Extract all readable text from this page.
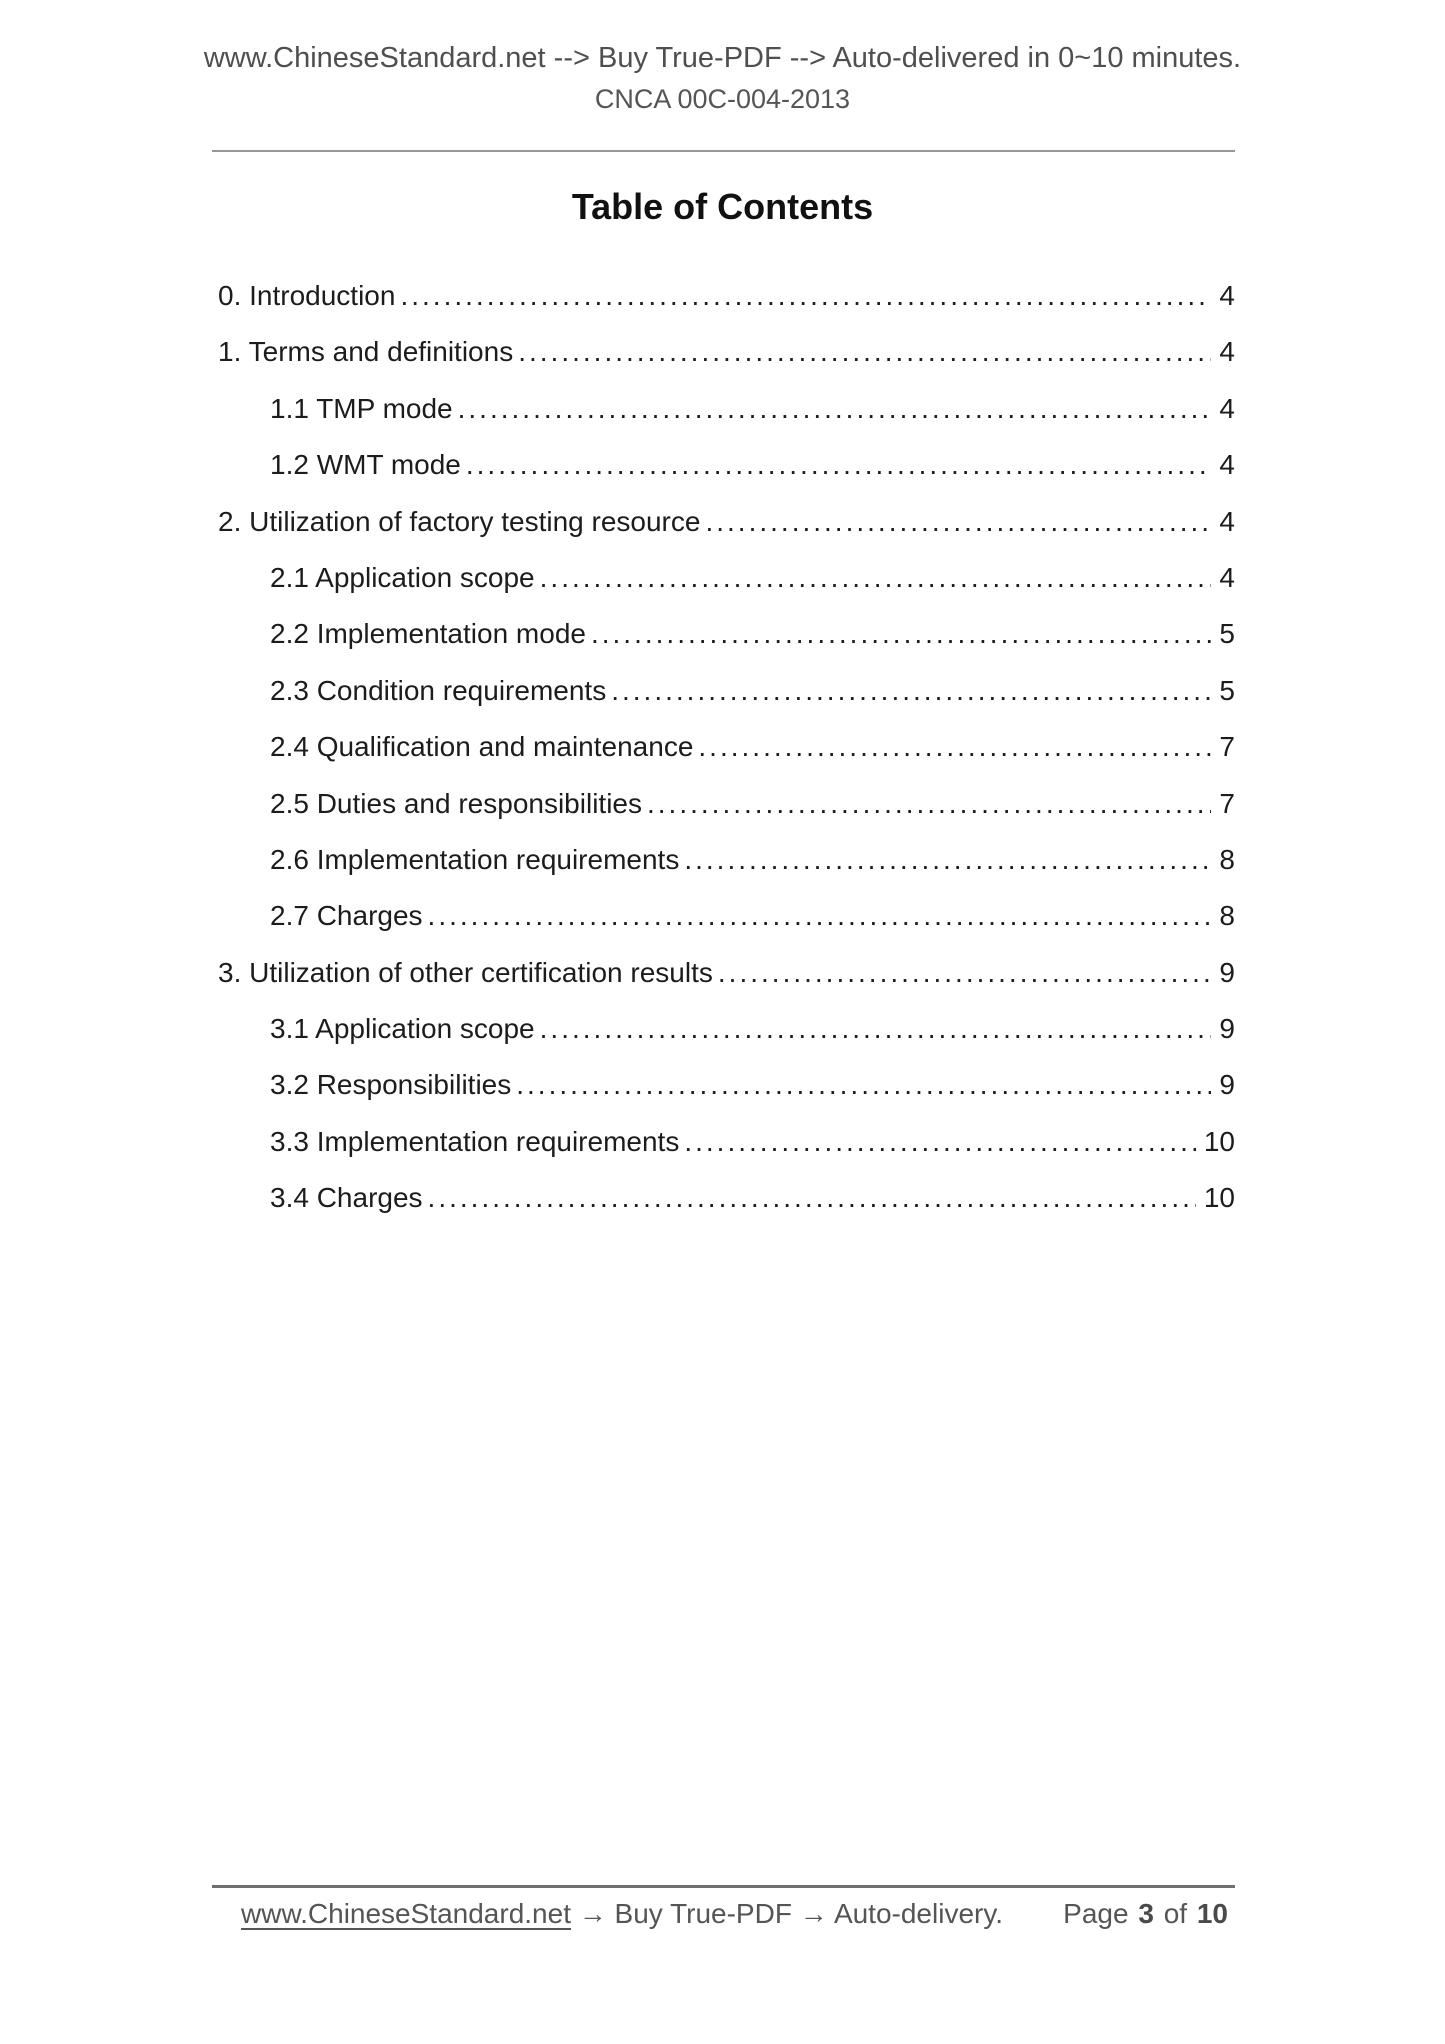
www.ChineseStandard.net --> Buy True-PDF --> Auto-delivered in 0~10 minutes.
CNCA 00C-004-2013
Table of Contents
0. Introduction .....	4
1. Terms and definitions .....	4
1.1 TMP mode .....	4
1.2 WMT mode .....	4
2. Utilization of factory testing resource .....	4
2.1 Application scope .....	4
2.2 Implementation mode .....	5
2.3 Condition requirements .....	5
2.4 Qualification and maintenance .....	7
2.5 Duties and responsibilities .....	7
2.6 Implementation requirements .....	8
2.7 Charges .....	8
3. Utilization of other certification results .....	9
3.1 Application scope .....	9
3.2 Responsibilities .....	9
3.3 Implementation requirements .....	10
3.4 Charges .....	10
www.ChineseStandard.net → Buy True-PDF → Auto-delivery. Page 3 of 10
